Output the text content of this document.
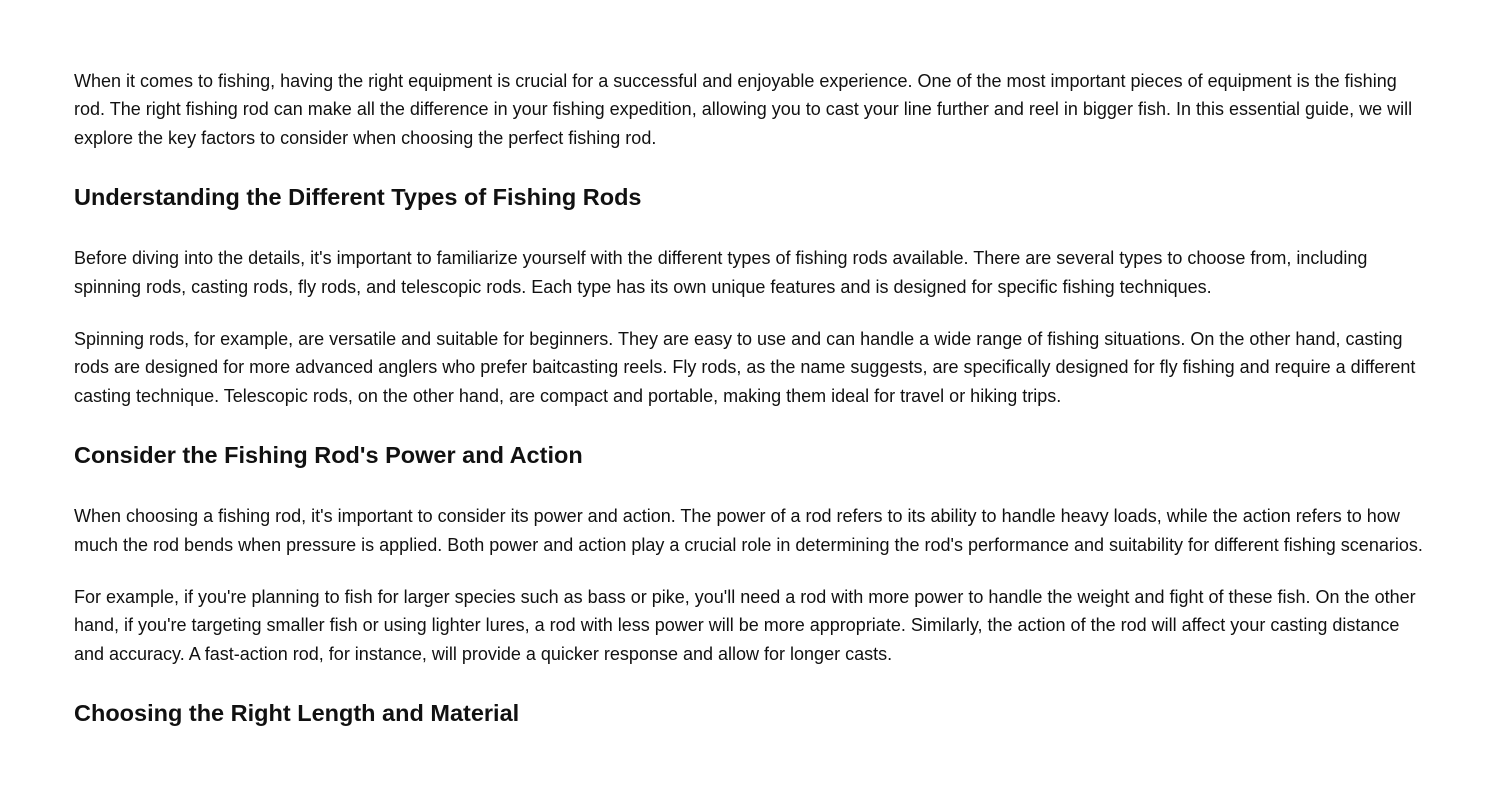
When it comes to fishing, having the right equipment is crucial for a successful and enjoyable experience. One of the most important pieces of equipment is the fishing rod. The right fishing rod can make all the difference in your fishing expedition, allowing you to cast your line further and reel in bigger fish. In this essential guide, we will explore the key factors to consider when choosing the perfect fishing rod.

Understanding the Different Types of Fishing Rods

Before diving into the details, it's important to familiarize yourself with the different types of fishing rods available. There are several types to choose from, including spinning rods, casting rods, fly rods, and telescopic rods. Each type has its own unique features and is designed for specific fishing techniques.

Spinning rods, for example, are versatile and suitable for beginners. They are easy to use and can handle a wide range of fishing situations. On the other hand, casting rods are designed for more advanced anglers who prefer baitcasting reels. Fly rods, as the name suggests, are specifically designed for fly fishing and require a different casting technique. Telescopic rods, on the other hand, are compact and portable, making them ideal for travel or hiking trips.

Consider the Fishing Rod's Power and Action

When choosing a fishing rod, it's important to consider its power and action. The power of a rod refers to its ability to handle heavy loads, while the action refers to how much the rod bends when pressure is applied. Both power and action play a crucial role in determining the rod's performance and suitability for different fishing scenarios.

For example, if you're planning to fish for larger species such as bass or pike, you'll need a rod with more power to handle the weight and fight of these fish. On the other hand, if you're targeting smaller fish or using lighter lures, a rod with less power will be more appropriate. Similarly, the action of the rod will affect your casting distance and accuracy. A fast-action rod, for instance, will provide a quicker response and allow for longer casts.

Choosing the Right Length and Material
